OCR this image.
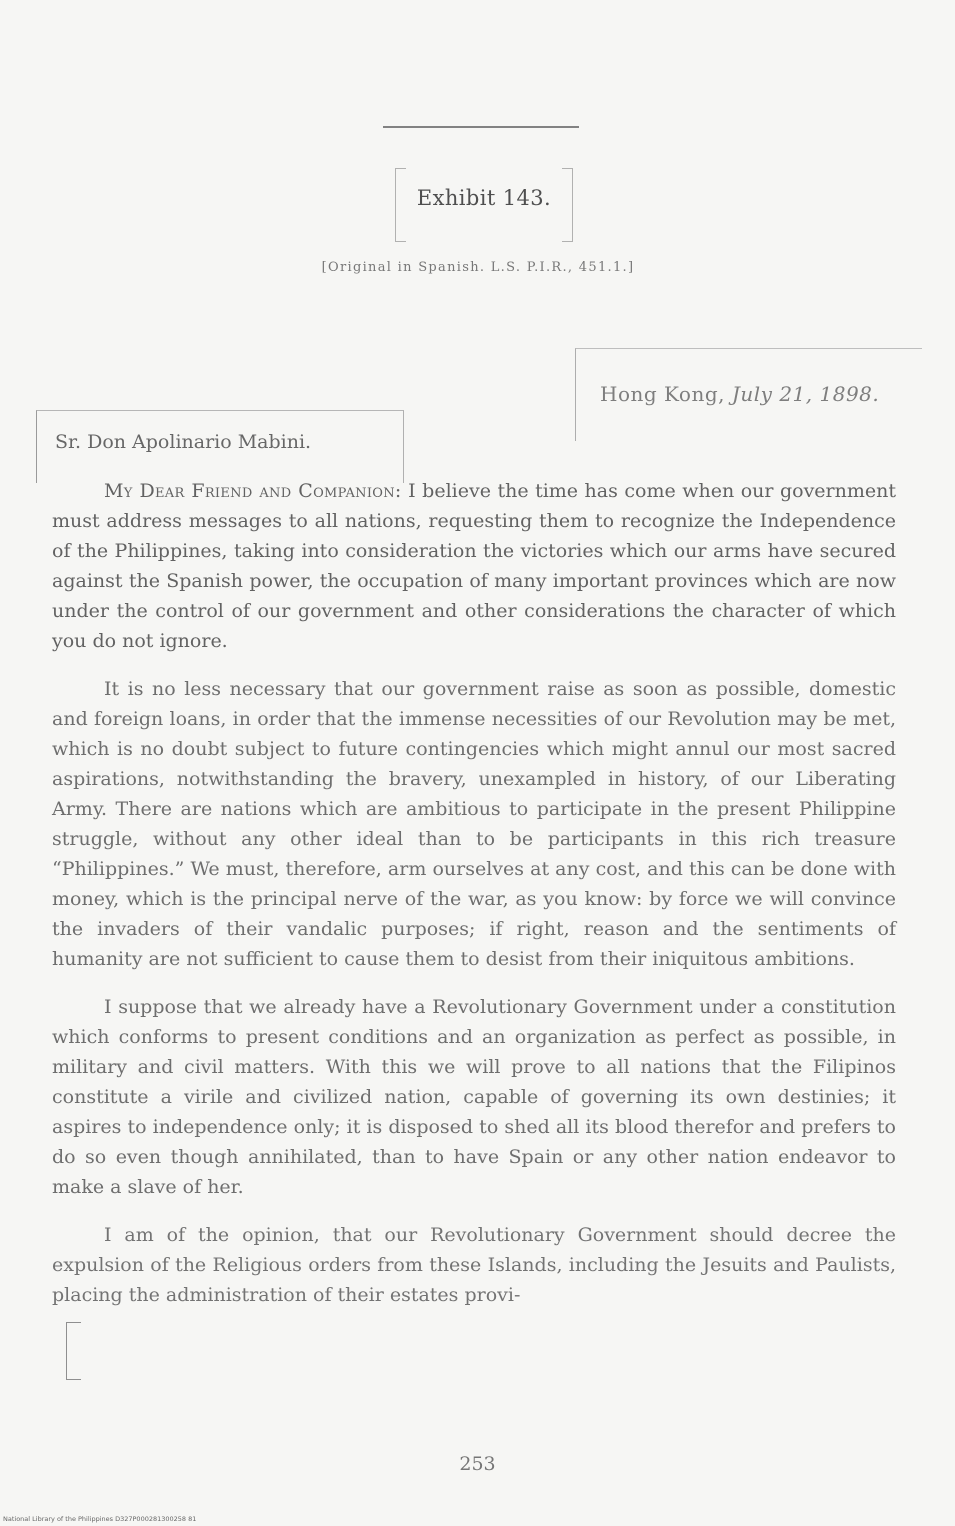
Exhibit 143.
[Original in Spanish. L.S. P.I.R., 451.1.]
Hong Kong, July 21, 1898.
Sr. Don Apolinario Mabini.

My Dear Friend and Companion: I believe the time has come when our government must address messages to all nations, requesting them to recognize the Independence of the Philippines, taking into consideration the victories which our arms have secured against the Spanish power, the occupation of many important provinces which are now under the control of our government and other considerations the character of which you do not ignore.

It is no less necessary that our government raise as soon as possible, domestic and foreign loans, in order that the immense necessities of our Revolution may be met, which is no doubt subject to future contingencies which might annul our most sacred aspirations, notwithstanding the bravery, unexampled in history, of our Liberating Army. There are nations which are ambitious to participate in the present Philippine struggle, without any other ideal than to be participants in this rich treasure “Philippines.” We must, therefore, arm ourselves at any cost, and this can be done with money, which is the principal nerve of the war, as you know: by force we will convince the invaders of their vandalic purposes; if right, reason and the sentiments of humanity are not sufficient to cause them to desist from their iniquitous ambitions.

I suppose that we already have a Revolutionary Government under a constitution which conforms to present conditions and an organization as perfect as possible, in military and civil matters. With this we will prove to all nations that the Filipinos constitute a virile and civilized nation, capable of governing its own destinies; it aspires to independence only; it is disposed to shed all its blood therefor and prefers to do so even though annihilated, than to have Spain or any other nation endeavor to make a slave of her.

I am of the opinion, that our Revolutionary Government should decree the expulsion of the Religious orders from these Islands, including the Jesuits and Paulists, placing the administration of their estates provi-

253
National Library of the Philippines D327P000281300258 81
